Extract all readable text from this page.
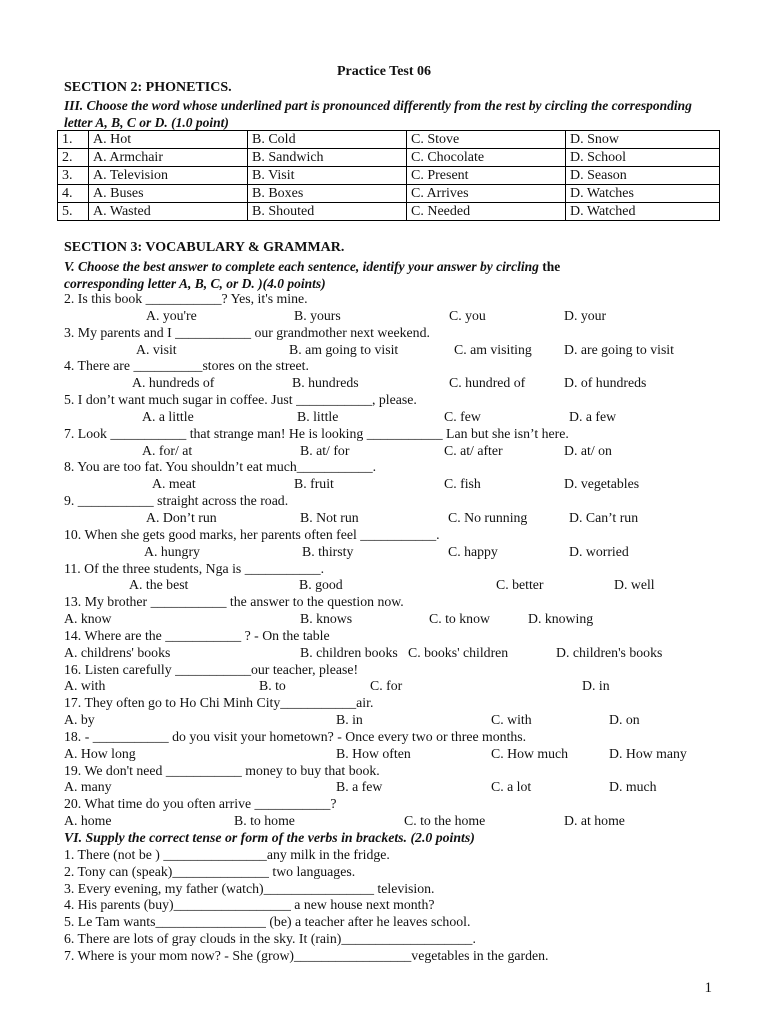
Practice Test 06
SECTION 2: PHONETICS.
III. Choose the word whose underlined part is pronounced differently from the rest by circling the corresponding letter A, B, C or D. (1.0 point)
1.	A. Hot	B. Cold	C. Stove	D. Snow
2.	A. Armchair	B. Sandwich	C. Chocolate	D. School
3.	A. Television	B. Visit	C. Present	D. Season
4.	A. Buses	B. Boxes	C. Arrives	D. Watches
5.	A. Wasted	B. Shouted	C. Needed	D. Watched
SECTION 3: VOCABULARY & GRAMMAR.
V. Choose the best answer to complete each sentence, identify your answer by circling the
corresponding letter A, B, C, or D. )(4.0 points)
2. Is this book ___________? Yes, it's mine.
A. you're	B. yours	C. you	D. your
3. My parents and I ___________ our grandmother next weekend.
A. visit	B. am going to visit	C. am visiting D. are going to visit
4. There are __________stores on the street.
A. hundreds of	B. hundreds	C. hundred of	D. of hundreds
5. I don’t want much sugar in coffee. Just ___________, please.
A. a little	B. little	C. few	D. a few
7. Look ___________ that strange man! He is looking ___________ Lan but she isn’t here.
A. for/ at	B. at/ for	C. at/ after	D. at/ on
8. You are too fat. You shouldn’t eat much___________.
A. meat	B. fruit	C. fish	D. vegetables
9. ___________ straight across the road.
A. Don’t run	B. Not run	C. No running	D. Can’t run
10. When she gets good marks, her parents often feel ___________.
A. hungry	B. thirsty	C. happy	D. worried
11. Of the three students, Nga is ___________.
A. the best	B. good	C. better	D. well
13. My brother ___________ the answer to the question now.
A. know	B. knows	C. to know	D. knowing
14. Where are the ___________ ? - On the table
A. childrens' books	B. children books C. books' children	D. children's books
16. Listen carefully ___________our teacher, please!
A. with	B. to	C. for	D. in
17. They often go to Ho Chi Minh City___________air.
A. by	B. in	C. with	D. on
18. - ___________ do you visit your hometown? - Once every two or three months.
A. How long	B. How often	C. How much	D. How many
19. We don't need ___________ money to buy that book.
A. many	B. a few	C. a lot	D. much
20. What time do you often arrive ___________?
A. home	B. to home	C. to the home	D. at home
VI. Supply the correct tense or form of the verbs in brackets. (2.0 points)
1. There (not be ) _______________any milk in the fridge.
2. Tony can (speak)______________ two languages.
3. Every evening, my father (watch)________________ television.
4. His parents (buy)_________________ a new house next month?
5. Le Tam wants________________ (be) a teacher after he leaves school.
6. There are lots of gray clouds in the sky. It (rain)___________________.
7. Where is your mom now? - She (grow)_________________vegetables in the garden.
1
